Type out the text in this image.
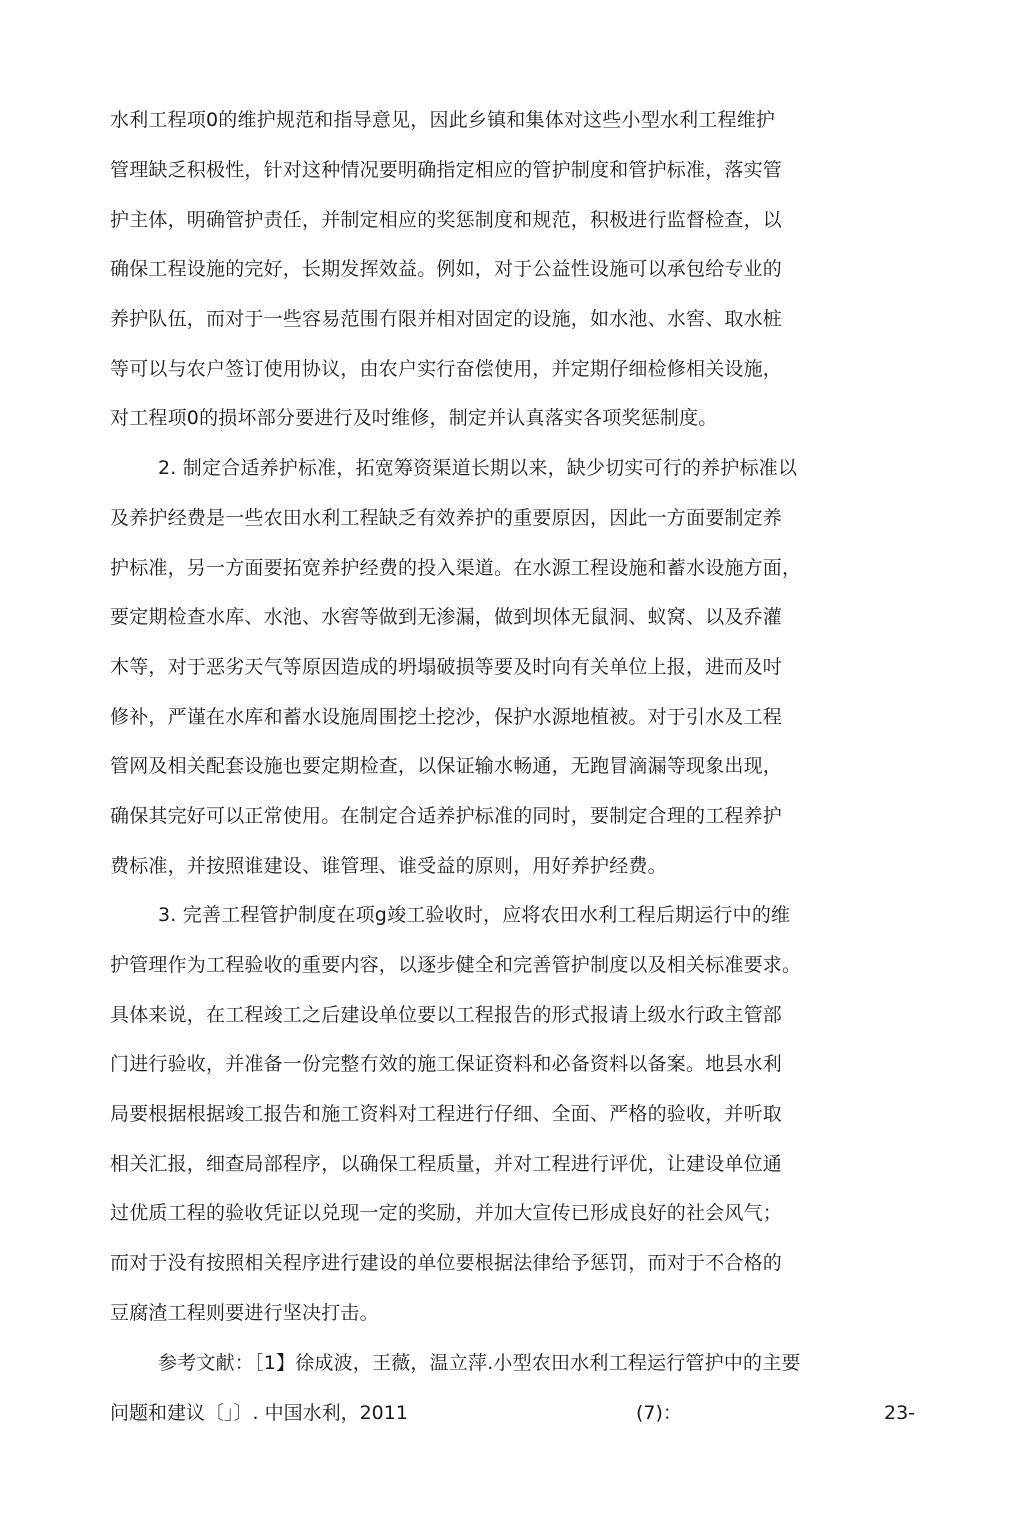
水利工程项0的维护规范和指导意见，因此乡镇和集体对这些小型水利工程维护
管理缺乏积极性，针对这种情况要明确指定相应的管护制度和管护标准，落实管
护主体，明确管护责任，并制定相应的奖惩制度和规范，积极进行监督检查，以
确保工程设施的完好，长期发挥效益。例如，对于公益性设施可以承包给专业的
养护队伍，而对于一些容易范围冇限并相对固定的设施，如水池、水窖、取水桩
等可以与农户签订使用协议，由农户实行奋偿使用，并定期仔细检修相关设施，
对工程项0的损坏部分要进行及吋维修，制定并认真落实各项奖惩制度。
2. 制定合适养护标准，拓宽筹资渠道长期以来，缺少切实可行的养护标准以
及养护经费是一些农田水利工程缺乏有效养护的重要原因，因此一方面要制定养
护标准，另一方面要拓宽养护经费的投入渠道。在水源工程设施和蓄水设施方面，
要定期检查水库、水池、水窖等做到无渗漏，做到坝体无鼠洞、蚁窝、以及乔灌
木等，对于恶劣天气等原因造成的坍塌破损等要及时向有关单位上报，进而及吋
修补，严谨在水库和蓄水设施周围挖土挖沙，保护水源地植被。对于引水及工程
管网及相关配套设施也要定期检查，以保证输水畅通，无跑冒滴漏等现象出现，
确保其完好可以正常使用。在制定合适养护标准的同时，要制定合理的工程养护
费标准，并按照谁建设、谁管理、谁受益的原则，用好养护经费。
3. 完善工程管护制度在项g竣工验收时，应将农田水利工程后期运行中的维
护管理作为工程验收的重要内容，以逐步健全和完善管护制度以及相关标准要求。
具体来说，在工程竣工之后建设单位要以工程报告的形式报请上级水行政主管部
门进行验收，并准备一份完整冇效的施工保证资料和必备资料以备案。地县水利
局要根据根据竣工报告和施工资料对工程进行仔细、全面、严格的验收，并听取
相关汇报，细查局部程序，以确保工程质量，并对工程进行评优，让建设单位通
过优质工程的验收凭证以兑现一定的奖励，并加大宣传已形成良好的社会风气；
而对于没有按照相关程序进行建设的单位要根据法律给予惩罚，而对于不合格的
豆腐渣工程则要进行坚决打击。
参考文献：［1】徐成波，王薇，温立萍.小型农田水利工程运行管护中的主要
问题和建议〔」〕. 中国水利，2011	(7)：	23-
